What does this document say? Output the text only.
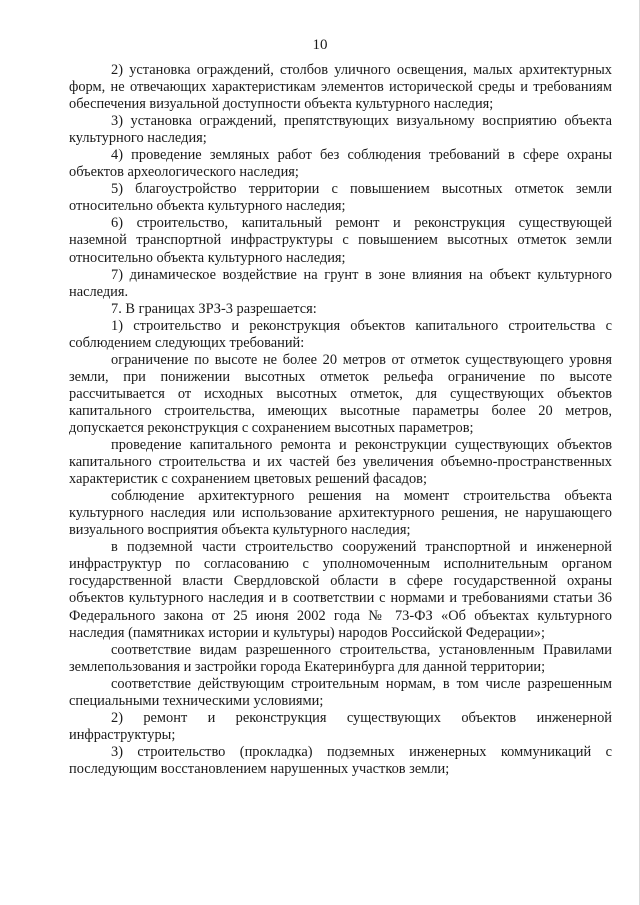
10

2) установка ограждений, столбов уличного освещения, малых архитектурных форм, не отвечающих характеристикам элементов исторической среды и требованиям обеспечения визуальной доступности объекта культурного наследия;

3) установка ограждений, препятствующих визуальному восприятию объекта культурного наследия;

4) проведение земляных работ без соблюдения требований в сфере охраны объектов археологического наследия;

5) благоустройство территории с повышением высотных отметок земли относительно объекта культурного наследия;

6) строительство, капитальный ремонт и реконструкция существующей наземной транспортной инфраструктуры с повышением высотных отметок земли относительно объекта культурного наследия;

7) динамическое воздействие на грунт в зоне влияния на объект культурного наследия.

7. В границах ЗРЗ-3 разрешается:

1) строительство и реконструкция объектов капитального строительства с соблюдением следующих требований:

ограничение по высоте не более 20 метров от отметок существующего уровня земли, при понижении высотных отметок рельефа ограничение по высоте рассчитывается от исходных высотных отметок, для существующих объектов капитального строительства, имеющих высотные параметры более 20 метров, допускается реконструкция с сохранением высотных параметров;

проведение капитального ремонта и реконструкции существующих объектов капитального строительства и их частей без увеличения объемно-пространственных характеристик с сохранением цветовых решений фасадов;

соблюдение архитектурного решения на момент строительства объекта культурного наследия или использование архитектурного решения, не нарушающего визуального восприятия объекта культурного наследия;

в подземной части строительство сооружений транспортной и инженерной инфраструктур по согласованию с уполномоченным исполнительным органом государственной власти Свердловской области в сфере государственной охраны объектов культурного наследия и в соответствии с нормами и требованиями статьи 36 Федерального закона от 25 июня 2002 года № 73-ФЗ «Об объектах культурного наследия (памятниках истории и культуры) народов Российской Федерации»;

соответствие видам разрешенного строительства, установленным Правилами землепользования и застройки города Екатеринбурга для данной территории;

соответствие действующим строительным нормам, в том числе разрешенным специальными техническими условиями;

2) ремонт и реконструкция существующих объектов инженерной инфраструктуры;

3) строительство (прокладка) подземных инженерных коммуникаций с последующим восстановлением нарушенных участков земли;
